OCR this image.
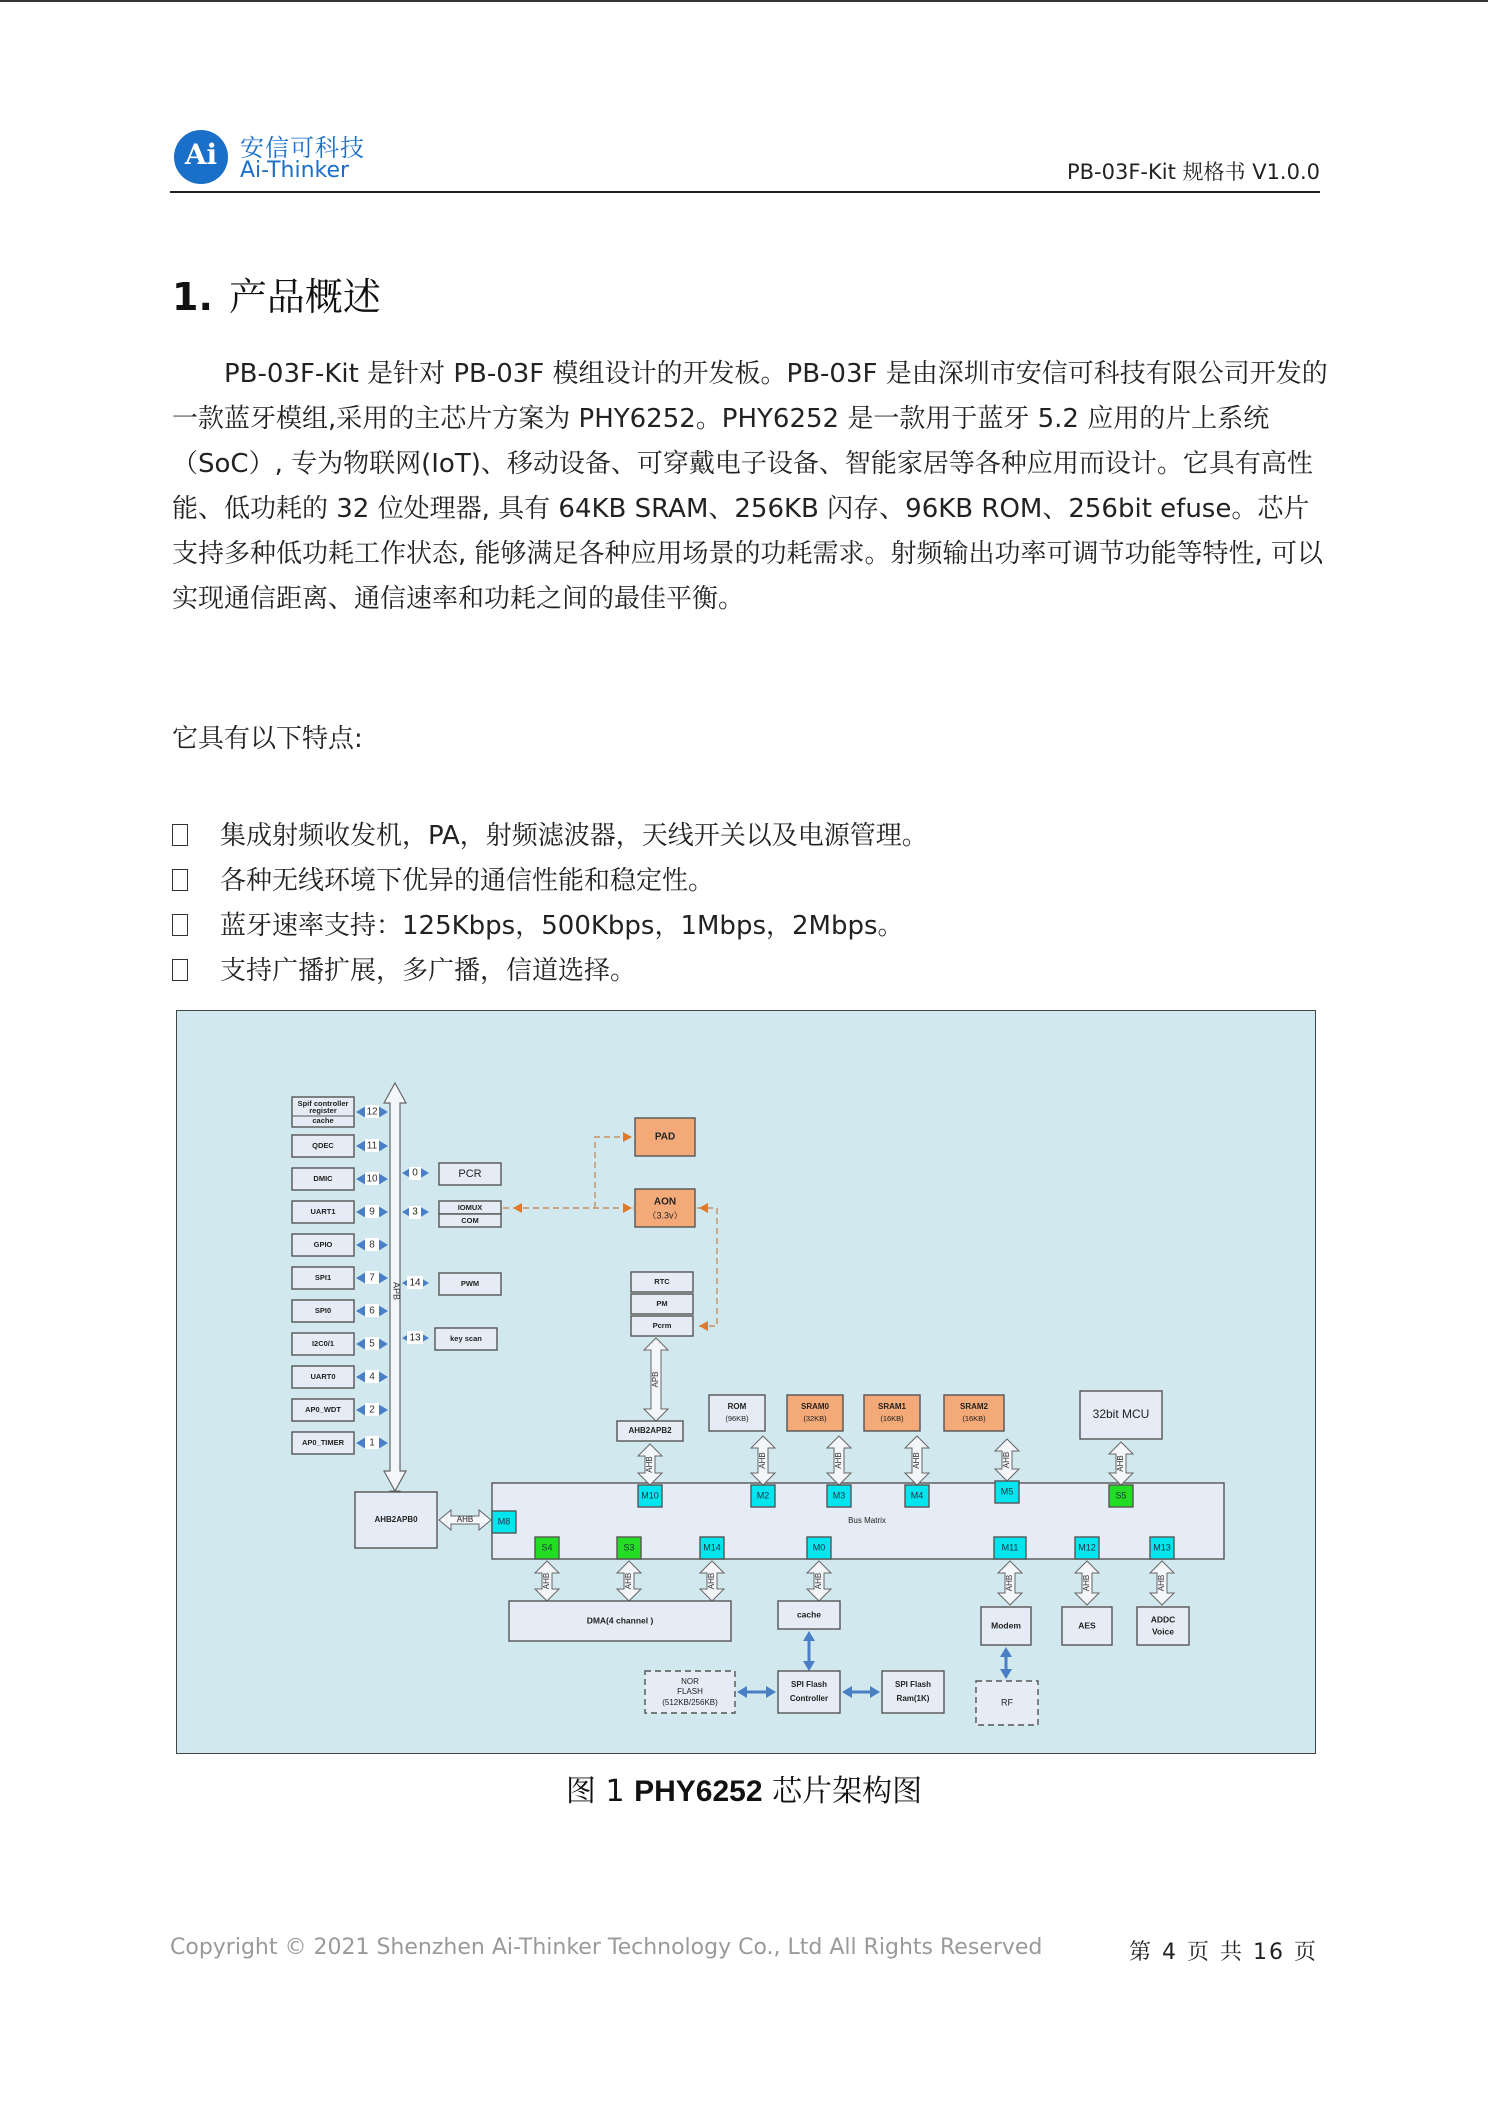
Ai 安信可科技
Ai-Thinker	PB-03F-Kit 规格书 V1.0.0
1. 产品概述
PB-03F-Kit 是针对 PB-03F 模组设计的开发板。PB-03F 是由深圳市安信可科技有限公司开发的一款蓝牙模组,采用的主芯片方案为 PHY6252。PHY6252 是一款用于蓝牙 5.2 应用的片上系统（SoC）, 专为物联网(IoT)、移动设备、可穿戴电子设备、智能家居等各种应用而设计。它具有高性能、低功耗的 32 位处理器, 具有 64KB SRAM、256KB 闪存、96KB ROM、256bit efuse。芯片支持多种低功耗工作状态, 能够满足各种应用场景的功耗需求。射频输出功率可调节功能等特性, 可以实现通信距离、通信速率和功耗之间的最佳平衡。
它具有以下特点:
集成射频收发机，PA，射频滤波器，天线开关以及电源管理。
各种无线环境下优异的通信性能和稳定性。
蓝牙速率支持：125Kbps，500Kbps，1Mbps，2Mbps。
支持广播扩展，多广播，信道选择。
APB
Spif controller
register
cache
12
QDEC	11
DMIC	10
UART1	9
GPIO	8
SPI1	7
SPI0	6
I2C0/1	5
UART0	4
AP0_WDT	2
AP0_TIMER	1
0	PCR
3	IOMUX
COM
14	PWM
13	key scan
PAD
AON
（3.3v）
RTC
PM
Pcrm
APB
AHB2APB2
ROM
(96KB)
SRAM0
(32KB)
SRAM1
(16KB)
SRAM2
(16KB)	32bit MCU
Bus Matrix
AHB
M10
AHB
M2
AHB
M3
AHB
M4
AHB
M5
AHB
S5
M8
AHB2APB0	AHB
S4	S3	M14	M0	M11	M12	M13
AHB	AHB	AHB	AHB	AHB	AHB	AHB
DMA(4 channel )
cache
SPI Flash
Controller
NOR
FLASH
(512KB/256KB)
SPI Flash
Ram(1K)
Modem	AES
ADDC
Voice
RF
图 1 PHY6252 芯片架构图
Copyright © 2021 Shenzhen Ai-Thinker Technology Co., Ltd All Rights Reserved	第 4 页 共 16 页
